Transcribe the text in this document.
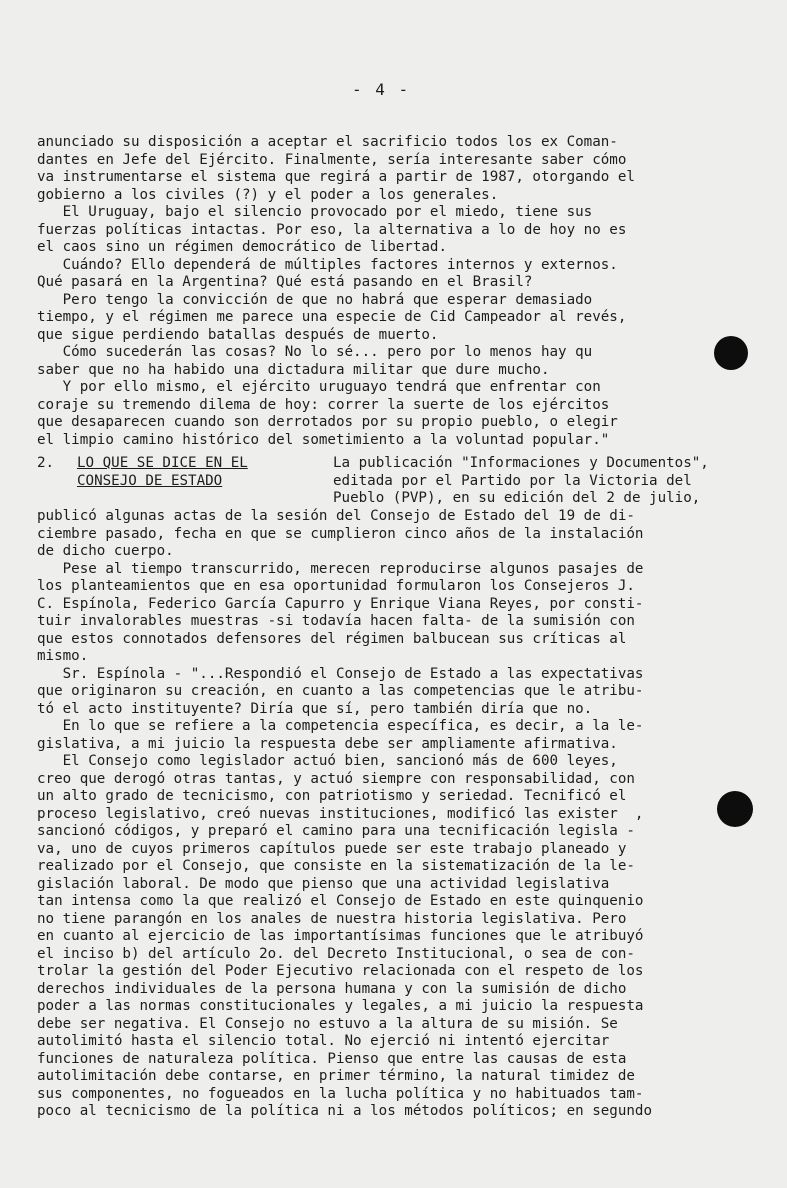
- 4 -

anunciado su disposición a aceptar el sacrificio todos los ex Coman-
dantes en Jefe del Ejército. Finalmente, sería interesante saber cómo
va instrumentarse el sistema que regirá a partir de 1987, otorgando el
gobierno a los civiles (?) y el poder a los generales.
El Uruguay, bajo el silencio provocado por el miedo, tiene sus
fuerzas políticas intactas. Por eso, la alternativa a lo de hoy no es
el caos sino un régimen democrático de libertad.
Cuándo? Ello dependerá de múltiples factores internos y externos.
Qué pasará en la Argentina? Qué está pasando en el Brasil?
Pero tengo la convicción de que no habrá que esperar demasiado
tiempo, y el régimen me parece una especie de Cid Campeador al revés,
que sigue perdiendo batallas después de muerto.
Cómo sucederán las cosas? No lo sé... pero por lo menos hay qu
saber que no ha habido una dictadura militar que dure mucho.
Y por ello mismo, el ejército uruguayo tendrá que enfrentar con
coraje su tremendo dilema de hoy: correr la suerte de los ejércitos
que desaparecen cuando son derrotados por su propio pueblo, o elegir
el limpio camino histórico del sometimiento a la voluntad popular."

2. LO QUE SE DICE EN EL
CONSEJO DE ESTADO
La publicación "Informaciones y Documentos",
editada por el Partido por la Victoria del
Pueblo (PVP), en su edición del 2 de julio,

publicó algunas actas de la sesión del Consejo de Estado del 19 de di-
ciembre pasado, fecha en que se cumplieron cinco años de la instalación
de dicho cuerpo.
Pese al tiempo transcurrido, merecen reproducirse algunos pasajes de
los planteamientos que en esa oportunidad formularon los Consejeros J.
C. Espínola, Federico García Capurro y Enrique Viana Reyes, por consti-
tuir invalorables muestras -si todavía hacen falta- de la sumisión con
que estos connotados defensores del régimen balbucean sus críticas al
mismo.
Sr. Espínola - "...Respondió el Consejo de Estado a las expectativas
que originaron su creación, en cuanto a las competencias que le atribu-
tó el acto instituyente? Diría que sí, pero también diría que no.
En lo que se refiere a la competencia específica, es decir, a la le-
gislativa, a mi juicio la respuesta debe ser ampliamente afirmativa.
El Consejo como legislador actuó bien, sancionó más de 600 leyes,
creo que derogó otras tantas, y actuó siempre con responsabilidad, con
un alto grado de tecnicismo, con patriotismo y seriedad. Tecnificó el
proceso legislativo, creó nuevas instituciones, modificó las exister  ,
sancionó códigos, y preparó el camino para una tecnificación legisla -
va, uno de cuyos primeros capítulos puede ser este trabajo planeado y
realizado por el Consejo, que consiste en la sistematización de la le-
gislación laboral. De modo que pienso que una actividad legislativa
tan intensa como la que realizó el Consejo de Estado en este quinquenio
no tiene parangón en los anales de nuestra historia legislativa. Pero
en cuanto al ejercicio de las importantísimas funciones que le atribuyó
el inciso b) del artículo 2o. del Decreto Institucional, o sea de con-
trolar la gestión del Poder Ejecutivo relacionada con el respeto de los
derechos individuales de la persona humana y con la sumisión de dicho
poder a las normas constitucionales y legales, a mi juicio la respuesta
debe ser negativa. El Consejo no estuvo a la altura de su misión. Se
autolimitó hasta el silencio total. No ejerció ni intentó ejercitar
funciones de naturaleza política. Pienso que entre las causas de esta
autolimitación debe contarse, en primer término, la natural timidez de
sus componentes, no fogueados en la lucha política y no habituados tam-
poco al tecnicismo de la política ni a los métodos políticos; en segundo
